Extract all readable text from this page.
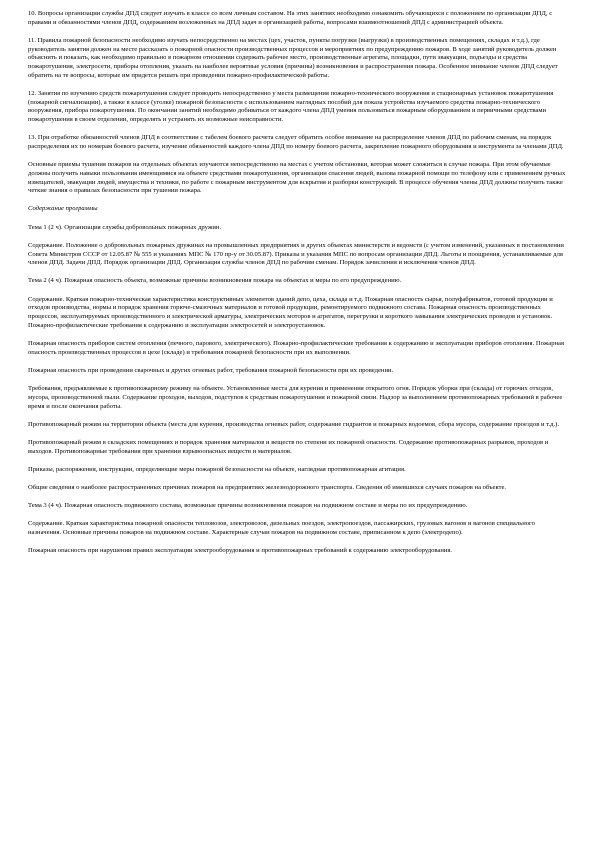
10. Вопросы организации службы ДПД следует изучать в классе со всем личным составом. На этих занятиях необходимо ознакомить обучающихся с положением по организации ДПД, с правами и обязанностями членов ДПД, содержанием возложенных на ДПД задач и организацией работы, вопросами взаимоотношений ДПД с администрацией объекта.

11. Правила пожарной безопасности необходимо изучать непосредственно на местах (цех, участок, пункты погрузки (выгрузки) в производственных помещениях, складах и т.д.), где руководитель занятия должен на месте рассказать о пожарной опасности производственных процессов и мероприятиях по предупреждению пожаров. В ходе занятий руководитель должен объяснить и показать, как необходимо правильно в пожарном отношении содержать рабочее место, производственные агрегаты, площадки, пути эвакуации, подъезды и средства пожаротушения, электросети, приборы отопления, указать на наиболее вероятные условия (причины) возникновения и распространения пожара. Особенное внимание членов ДПД следует обратить на те вопросы, которые им придется решать при проведении пожарно-профилактической работы.

12. Занятия по изучению средств пожаротушения следует проводить непосредственно у места размещения пожарно-технического вооружения и стационарных установок пожаротушения (пожарной сигнализации), а также в классе (уголке) пожарной безопасности с использованием наглядных пособий для показа устройства изучаемого средства пожарно-технического вооружения, прибора пожаротушения. По окончании занятий необходимо добиваться от каждого члена ДПД умения пользоваться пожарным оборудованием и первичными средствами пожаротушения в своем отделении, определять и устранять их возможные неисправности.

13. При отработке обязанностей членов ДПД в соответствии с табелем боевого расчета следует обратить особое внимание на распределение членов ДПД по рабочим сменам, на порядок распределения их по номерам боевого расчета, изучение обязанностей каждого члена ДПД по номеру боевого расчета, закрепление пожарного оборудования и инструмента за членами ДПД.

Основные приемы тушения пожаров на отдельных объектах изучаются непосредственно на местах с учетом обстановки, которая может сложиться в случае пожара. При этом обучаемые должны получить навыки пользования имеющимися на объекте средствами пожаротушения, организации спасения людей, вызова пожарной помощи по телефону или с применением ручных извещателей, эвакуации людей, имущества и техники, по работе с пожарным инструментом для вскрытия и разборки конструкций. В процессе обучения члены ДПД должны получить также четкие знания о правилах безопасности при тушении пожара.

Содержание программы

Тема 1 (2 ч). Организация службы добровольных пожарных дружин.

Содержание. Положение о добровольных пожарных дружинах на промышленных предприятиях и других объектах министерств и ведомств (с учетом изменений, указанных в постановлении Совета Министров СССР от 12.05.87 № 555 и указаниях МПС № 170 пр-у от 30.05.87). Приказы и указания МПС по вопросам организации ДПД. Льготы и поощрения, устанавливаемые для членов ДПД. Задачи ДПД. Порядок организации ДПД. Организация службы членов ДПД по рабочим сменам. Порядок зачисления и исключения членов ДПД.

Тема 2 (4 ч). Пожарная опасность объекта, возможные причины возникновения пожара на объектах и меры по его предупреждению.

Содержание. Краткая пожарно-техническая характеристика конструктивных элементов зданий депо, цеха, склада и т.д. Пожарная опасность сырья, полуфабрикатов, готовой продукции и отходов производства, нормы и порядок хранения горюче-смазочных материалов и готовой продукции, ремонтируемого подвижного состава. Пожарная опасность производственных процессов, эксплуатируемых производственного и электрической арматуры, электрических моторов и агрегатов, перегрузки и короткого замыкания электрических проводов и установок. Пожарно-профилактические требования к содержанию и эксплуатации электросетей и электроустановок.

Пожарная опасность приборов систем отопления (печного, парового, электрического). Пожарно-профилактические требования к содержанию и эксплуатации приборов отопления. Пожарная опасность производственных процессов в цехе (складе) и требования пожарной безопасности при их выполнении.

Пожарная опасность при проведении сварочных и других огневых работ, требования пожарной безопасности при их проведении.

Требования, предъявляемые к противопожарному режиму на объекте. Установленные места для курения и применения открытого огня. Порядок уборки при (склада) от горючих отходов, мусора, производственной пыли. Содержание проходов, выходов, подступов к средствам пожаротушения и пожарной связи. Надзор за выполнением противопожарных требований в рабочее время и после окончания работы.

Противопожарный режим на территории объекта (места для курения, производства огневых работ, содержание гидрантов и пожарных водоемов, сбора мусора, содержание проездов и т.д.).

Противопожарный режим в складских помещениях и порядок хранения материалов и веществ по степени их пожарной опасности. Содержание противопожарных разрывов, проходов и выходов. Противопожарные требования при хранении взрывоопасных веществ и материалов.

Приказы, распоряжения, инструкции, определяющие меры пожарной безопасности на объекте, наглядная противопожарная агитация.

Общие сведения о наиболее распространенных причинах пожаров на предприятиях железнодорожного транспорта. Сведения об имевшихся случаях пожаров на объекте.

Тема 3 (4 ч). Пожарная опасность подвижного состава, возможные причины возникновения пожаров на подвижном составе и меры по их предупреждению.

Содержание. Краткая характеристика пожарной опасности тепловозов, электровозов, дизельных поездов, электропоездов, пассажирских, грузовых вагонов и вагонов специального назначения. Основные причины пожаров на подвижном составе. Характерные случаи пожаров на подвижном составе, приписанном к депо (электродепо).

Пожарная опасность при нарушении правил эксплуатации электрооборудования и противопожарных требований к содержанию электрооборудования.
